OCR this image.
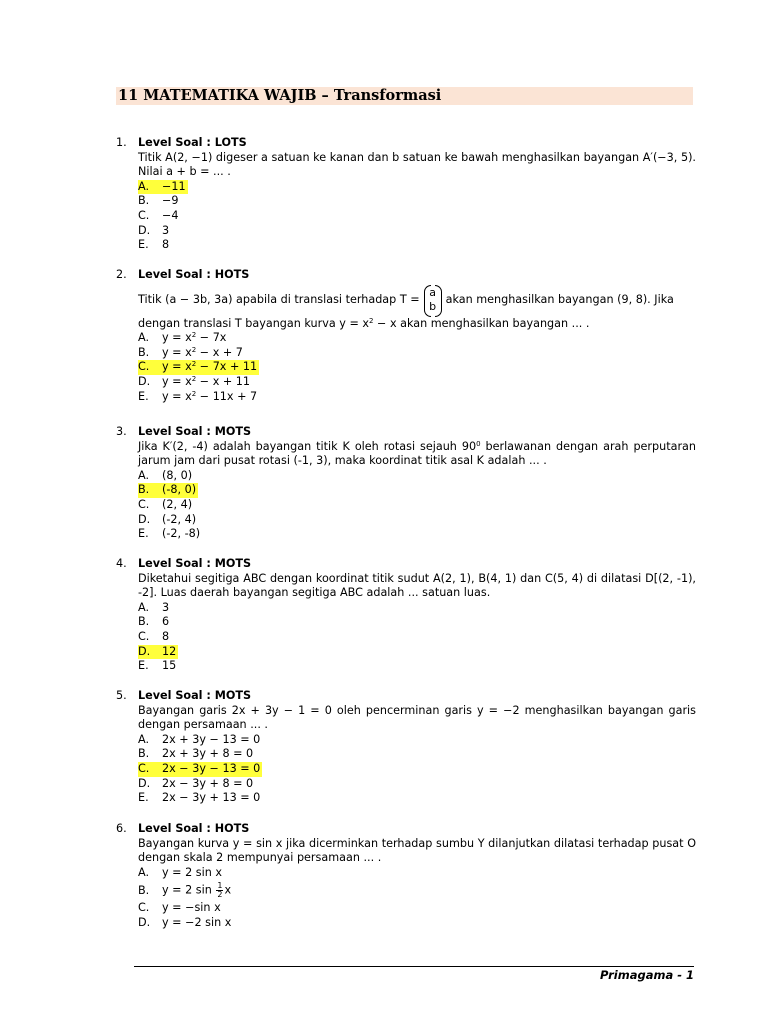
11 MATEMATIKA WAJIB – Transformasi
1.	Level Soal : LOTS
Titik A(2, −1) digeser a satuan ke kanan dan b satuan ke bawah menghasilkan bayangan A′(−3, 5). Nilai a + b = ... .
A. −11
B. −9
C. −4
D. 3
E. 8
2.	Level Soal : HOTS
Titik (a − 3b, 3a) apabila di translasi terhadap T =
a
b
akan menghasilkan bayangan (9, 8). Jika
dengan translasi T bayangan kurva $y = x^2 - x$ akan menghasilkan bayangan ... .
A. $y = x^2 - 7x$
B. $y = x^2 - x + 7$
C. $y = x^2 - 7x + 11$
D. $y = x^2 - x + 11$
E. $y = x^2 - 11x + 7$
3.	Level Soal : MOTS
Jika K′(2, -4) adalah bayangan titik K oleh rotasi sejauh $90^0$ berlawanan dengan arah perputaran jarum jam dari pusat rotasi (-1, 3), maka koordinat titik asal K adalah ... .
A. (8, 0)
B. (-8, 0)
C. (2, 4)
D. (-2, 4)
E. (-2, -8)
4.	Level Soal : MOTS
Diketahui segitiga ABC dengan koordinat titik sudut A(2, 1), B(4, 1) dan C(5, 4) di dilatasi D[(2, -1), -2]. Luas daerah bayangan segitiga ABC adalah ... satuan luas.
A. 3
B. 6
C. 8
D. 12
E. 15
5.	Level Soal : MOTS
Bayangan garis 2x + 3y − 1 = 0 oleh pencerminan garis y = −2 menghasilkan bayangan garis dengan persamaan ... .
A. 2x + 3y − 13 = 0
B. 2x + 3y + 8 = 0
C. 2x − 3y − 13 = 0
D. 2x − 3y + 8 = 0
E. 2x − 3y + 13 = 0
6.	Level Soal : HOTS
Bayangan kurva y = sin x jika dicerminkan terhadap sumbu Y dilanjutkan dilatasi terhadap pusat O dengan skala 2 mempunyai persamaan ... .
A. y = 2 sin x
B. y = 2 $\sin \frac{1}{2}$ x
C. y = −sin x
D. y = −2 sin x
Primagama - 1
